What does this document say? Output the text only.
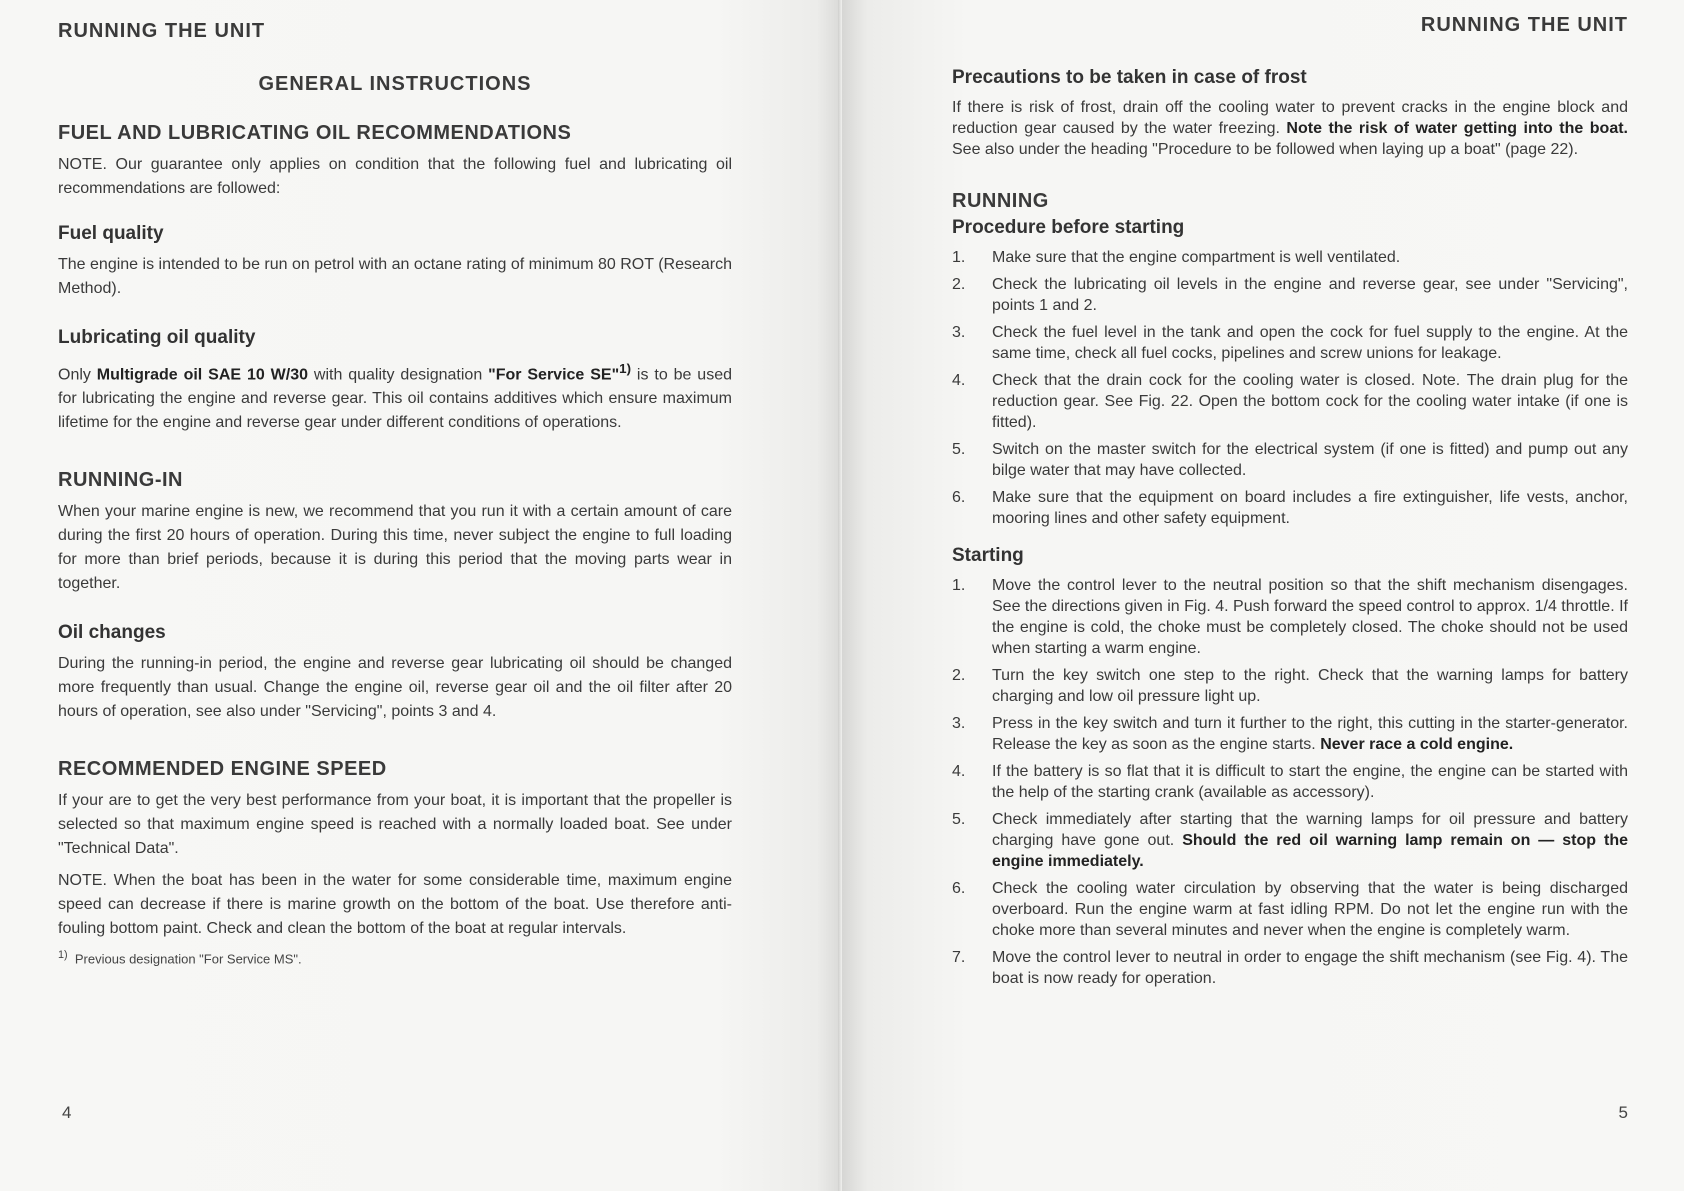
RUNNING THE UNIT
GENERAL INSTRUCTIONS
FUEL AND LUBRICATING OIL RECOMMENDATIONS

NOTE. Our guarantee only applies on condition that the following fuel and lubricating oil recommendations are followed:

Fuel quality

The engine is intended to be run on petrol with an octane rating of minimum 80 ROT (Research Method).

Lubricating oil quality

Only Multigrade oil SAE 10 W/30 with quality designation "For Service SE"$^{1)}$ is to be used for lubricating the engine and reverse gear. This oil contains additives which ensure maximum lifetime for the engine and reverse gear under different conditions of operations.

RUNNING-IN

When your marine engine is new, we recommend that you run it with a certain amount of care during the first 20 hours of operation. During this time, never subject the engine to full loading for more than brief periods, because it is during this period that the moving parts wear in together.

Oil changes

During the running-in period, the engine and reverse gear lubricating oil should be changed more frequently than usual. Change the engine oil, reverse gear oil and the oil filter after 20 hours of operation, see also under "Servicing", points 3 and 4.

RECOMMENDED ENGINE SPEED

If your are to get the very best performance from your boat, it is important that the propeller is selected so that maximum engine speed is reached with a normally loaded boat. See under "Technical Data".

NOTE. When the boat has been in the water for some considerable time, maximum engine speed can decrease if there is marine growth on the bottom of the boat. Use therefore anti-fouling bottom paint. Check and clean the bottom of the boat at regular intervals.

$^{1)}$ Previous designation "For Service MS".
4
RUNNING THE UNIT
Precautions to be taken in case of frost

If there is risk of frost, drain off the cooling water to prevent cracks in the engine block and reduction gear caused by the water freezing. Note the risk of water getting into the boat. See also under the heading "Procedure to be followed when laying up a boat" (page 22).

RUNNING
Procedure before starting
1. Make sure that the engine compartment is well ventilated.
2. Check the lubricating oil levels in the engine and reverse gear, see under "Servicing", points 1 and 2.
3. Check the fuel level in the tank and open the cock for fuel supply to the engine. At the same time, check all fuel cocks, pipelines and screw unions for leakage.
4. Check that the drain cock for the cooling water is closed. Note. The drain plug for the reduction gear. See Fig. 22. Open the bottom cock for the cooling water intake (if one is fitted).
5. Switch on the master switch for the electrical system (if one is fitted) and pump out any bilge water that may have collected.
6. Make sure that the equipment on board includes a fire extinguisher, life vests, anchor, mooring lines and other safety equipment.
Starting
1. Move the control lever to the neutral position so that the shift mechanism disengages. See the directions given in Fig. 4. Push forward the speed control to approx. 1/4 throttle. If the engine is cold, the choke must be completely closed. The choke should not be used when starting a warm engine.
2. Turn the key switch one step to the right. Check that the warning lamps for battery charging and low oil pressure light up.
3. Press in the key switch and turn it further to the right, this cutting in the starter-generator. Release the key as soon as the engine starts. Never race a cold engine.
4. If the battery is so flat that it is difficult to start the engine, the engine can be started with the help of the starting crank (available as accessory).
5. Check immediately after starting that the warning lamps for oil pressure and battery charging have gone out. Should the red oil warning lamp remain on — stop the engine immediately.
6. Check the cooling water circulation by observing that the water is being discharged overboard. Run the engine warm at fast idling RPM. Do not let the engine run with the choke more than several minutes and never when the engine is completely warm.
7. Move the control lever to neutral in order to engage the shift mechanism (see Fig. 4). The boat is now ready for operation.
5
